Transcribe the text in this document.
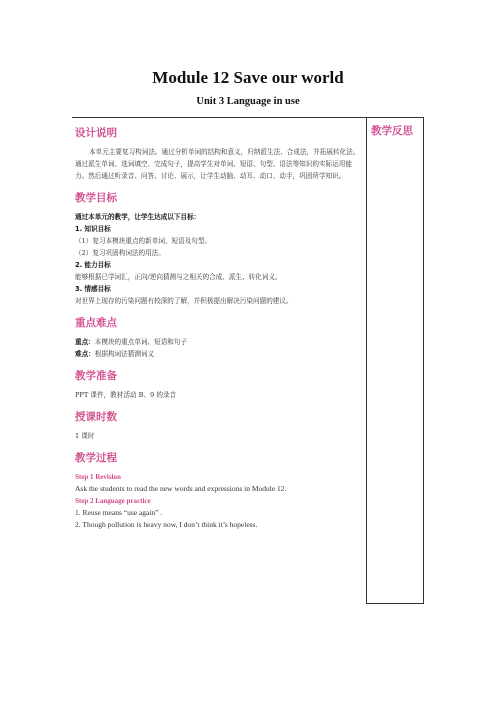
Module 12 Save our world
Unit 3 Language in use
教学反思
设计说明
本单元主要复习构词法。通过分析单词的结构和意义，归纳派生法、合成法，并拓展转化法。通过派生单词、选词填空、完成句子，提高学生对单词、短语、句型、语法等知识的实际运用能力。然后通过听录音、问答、讨论、展示，让学生动脑、动耳、动口、动手，巩固所学知识。
教学目标
通过本单元的教学，让学生达成以下目标：
1. 知识目标
（1）复习本模块重点的新单词、短语及句型。
（2）复习巩固构词法的用法。
2. 能力目标
能够根据已学词汇，正向/逆向猜测与之相关的合成、派生、转化词义。
3. 情感目标
对世界上现存的污染问题有较深的了解，并积极提出解决污染问题的建议。
重点难点
重点：本模块的重点单词、短语和句子
难点：根据构词法猜测词义
教学准备
PPT 课件，教材活动 B、9 的录音
授课时数
1 课时
教学过程
Step 1 Revision
Ask the students to read the new words and expressions in Module 12.
Step 2 Language practice
1. Reuse means “use again” .
2. Though pollution is heavy now, I don’t think it’s hopeless.
